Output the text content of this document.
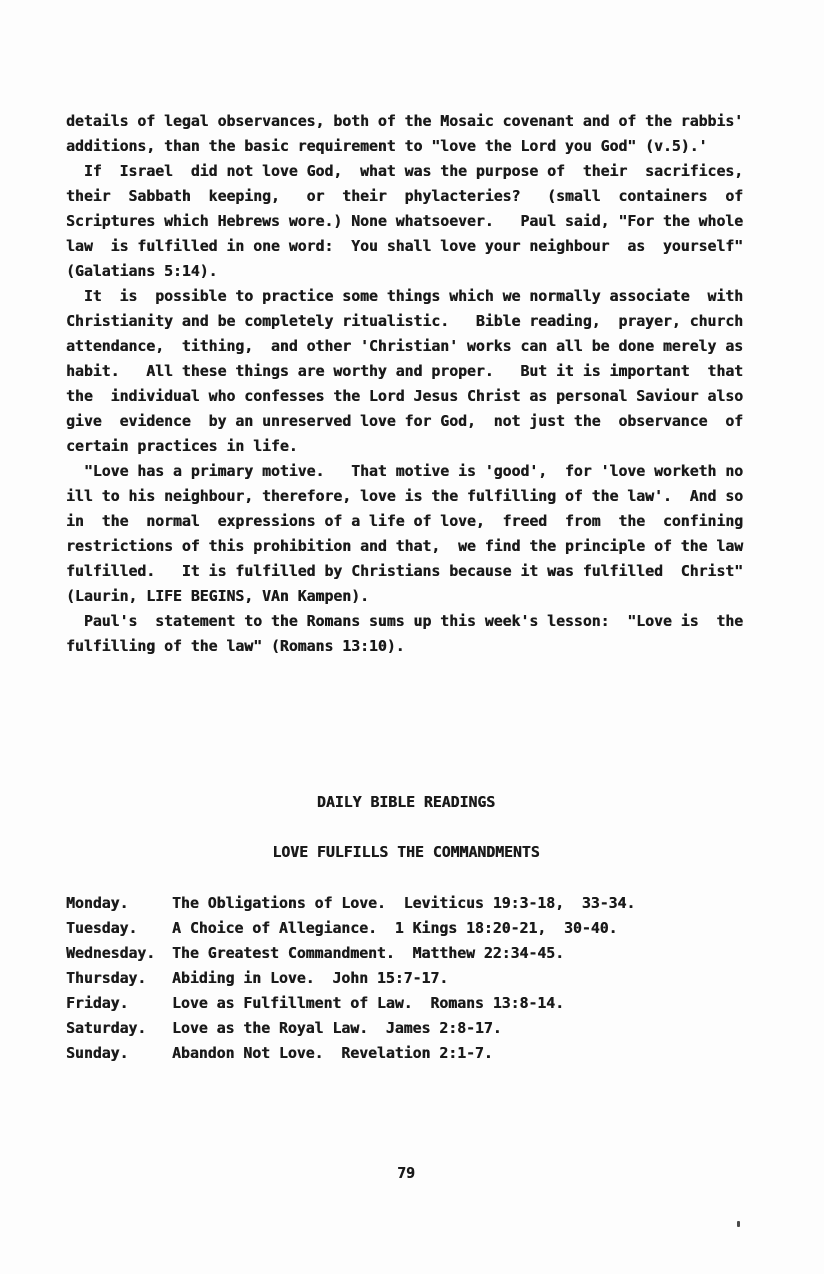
details of legal observances, both of the Mosaic covenant and of the rabbis'
additions, than the basic requirement to "love the Lord you God" (v.5).'
If  Israel  did not love God,  what was the purpose of  their  sacrifices,
their  Sabbath  keeping,   or  their  phylacteries?   (small  containers  of
Scriptures which Hebrews wore.) None whatsoever.   Paul said, "For the whole
law  is fulfilled in one word:  You shall love your neighbour  as  yourself"
(Galatians 5:14).
It  is  possible to practice some things which we normally associate  with
Christianity and be completely ritualistic.   Bible reading,  prayer, church
attendance,  tithing,  and other 'Christian' works can all be done merely as
habit.   All these things are worthy and proper.   But it is important  that
the  individual who confesses the Lord Jesus Christ as personal Saviour also
give  evidence  by an unreserved love for God,  not just the  observance  of
certain practices in life.
"Love has a primary motive.   That motive is 'good',  for 'love worketh no
ill to his neighbour, therefore, love is the fulfilling of the law'.  And so
in  the  normal  expressions of a life of love,  freed  from  the  confining
restrictions of this prohibition and that,  we find the principle of the law
fulfilled.   It is fulfilled by Christians because it was fulfilled  Christ"
(Laurin, LIFE BEGINS, VAn Kampen).
Paul's  statement to the Romans sums up this week's lesson:  "Love is  the
fulfilling of the law" (Romans 13:10).
DAILY BIBLE READINGS
LOVE FULFILLS THE COMMANDMENTS
Monday.	The Obligations of Love.  Leviticus 19:3-18,  33-34.
Tuesday.	A Choice of Allegiance.  1 Kings 18:20-21,  30-40.
Wednesday.	The Greatest Commandment.  Matthew 22:34-45.
Thursday.	Abiding in Love.  John 15:7-17.
Friday.	Love as Fulfillment of Law.  Romans 13:8-14.
Saturday.	Love as the Royal Law.  James 2:8-17.
Sunday.	Abandon Not Love.  Revelation 2:1-7.
79
